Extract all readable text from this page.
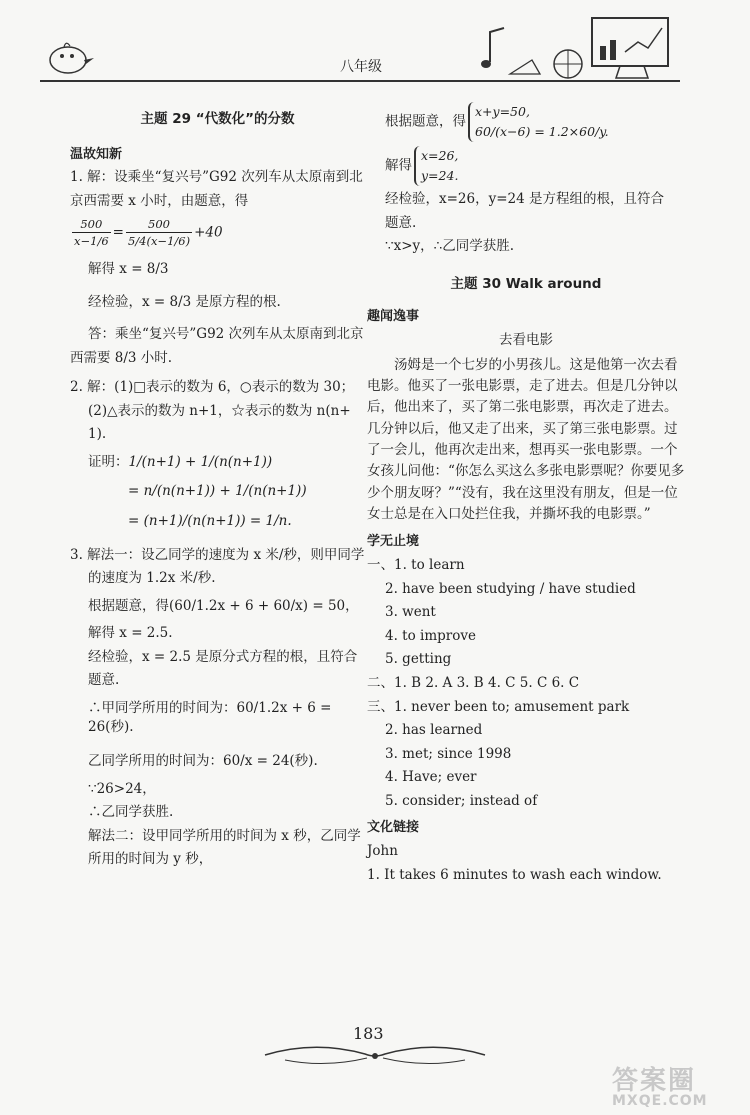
八年级
主题 29 “代数化”的分数
温故知新
1. 解：设乘坐“复兴号”G92 次列车从太原南到北
京西需要 x 小时，由题意，得
$\frac{500}{x-1/6} = \frac{500}{5/4(x-1/6)} +40$
解得 x = 8/3
经检验，x = 8/3 是原方程的根.
答：乘坐“复兴号”G92 次列车从太原南到北京
西需要 8/3 小时.
2. 解：(1)□表示的数为 6，○表示的数为 30；
(2)△表示的数为 n+1，☆表示的数为 n(n+
1).
证明：1/(n+1) + 1/(n(n+1))
= n/(n(n+1)) + 1/(n(n+1))
= (n+1)/(n(n+1)) = 1/n.
3. 解法一：设乙同学的速度为 x 米/秒，则甲同学
的速度为 1.2x 米/秒.
根据题意，得(60/1.2x + 6 + 60/x) = 50，
解得 x = 2.5.
经检验，x = 2.5 是原分式方程的根，且符合
题意.
∴甲同学所用的时间为：60/1.2x + 6 = 26(秒).
乙同学所用的时间为：60/x = 24(秒).
∵26>24，
∴乙同学获胜.
解法二：设甲同学所用的时间为 x 秒，乙同学
所用的时间为 y 秒，
根据题意，得
x+y=50,
60/(x−6) = 1.2×60/y.
解得
x=26,
y=24.
经检验，x=26，y=24 是方程组的根，且符合
题意.
∵x>y，∴乙同学获胜.
主题 30 Walk around
趣闻逸事
去看电影

汤姆是一个七岁的小男孩儿。这是他第一次去看电影。他买了一张电影票，走了进去。但是几分钟以后，他出来了，买了第二张电影票，再次走了进去。几分钟以后，他又走了出来，买了第三张电影票。过了一会儿，他再次走出来，想再买一张电影票。一个女孩儿问他：“你怎么买这么多张电影票呢？你要见多少个朋友呀？”“没有，我在这里没有朋友，但是一位女士总是在入口处拦住我，并撕坏我的电影票。”

学无止境
一、1. to learn
2. have been studying / have studied
3. went
4. to improve
5. getting
二、1. B 2. A 3. B 4. C 5. C 6. C
三、1. never been to; amusement park
2. has learned
3. met; since 1998
4. Have; ever
5. consider; instead of
文化链接
John
1. It takes 6 minutes to wash each window.
183
答案圈
MXQE.COM
